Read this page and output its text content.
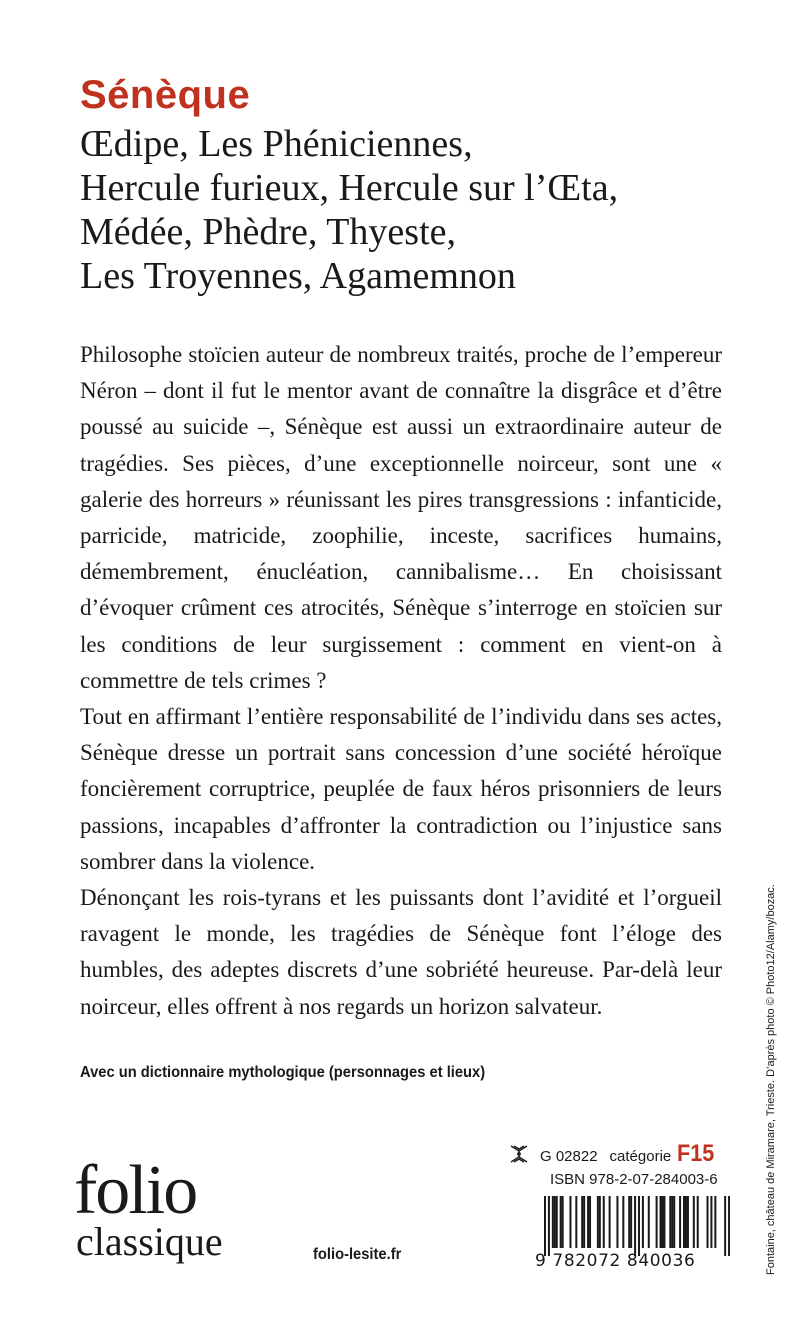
Sénèque
Œdipe, Les Phéniciennes,
Hercule furieux, Hercule sur l’Œta,
Médée, Phèdre, Thyeste,
Les Troyennes, Agamemnon

Philosophe stoïcien auteur de nombreux traités, proche de l’empereur Néron – dont il fut le mentor avant de connaître la disgrâce et d’être poussé au suicide –, Sénèque est aussi un extraordinaire auteur de tragédies. Ses pièces, d’une exceptionnelle noirceur, sont une « galerie des horreurs » réunissant les pires transgressions : infanticide, parricide, matricide, zoophilie, inceste, sacrifices humains, démembrement, énucléation, cannibalisme… En choisissant d’évoquer crûment ces atrocités, Sénèque s’interroge en stoïcien sur les conditions de leur surgissement : comment en vient-on à commettre de tels crimes ?

Tout en affirmant l’entière responsabilité de l’individu dans ses actes, Sénèque dresse un portrait sans concession d’une société héroïque foncièrement corruptrice, peuplée de faux héros prisonniers de leurs passions, incapables d’affronter la contradiction ou l’injustice sans sombrer dans la violence.

Dénonçant les rois-tyrans et les puissants dont l’avidité et l’orgueil ravagent le monde, les tragédies de Sénèque font l’éloge des humbles, des adeptes discrets d’une sobriété heureuse. Par-delà leur noirceur, elles offrent à nos regards un horizon salvateur.

Avec un dictionnaire mythologique (personnages et lieux)
folio
classique	folio-lesite.fr
G 02822 catégorie F15
ISBN 978-2-07-284003-6
9 782072 840036	Fontaine, château de Miramare, Trieste. D’après photo © Photo12/Alamy/bozac.
